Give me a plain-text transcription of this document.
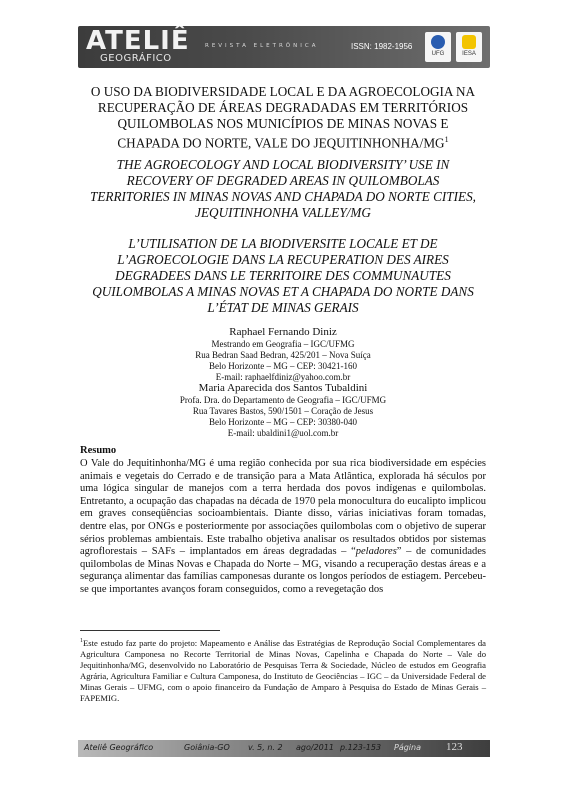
ATELIÊ
GEOGRÁFICO
REVISTA ELETRÔNICA	ISSN: 1982-1956
UFG	IESA
O USO DA BIODIVERSIDADE LOCAL E DA AGROECOLOGIA NA RECUPERAÇÃO DE ÁREAS DEGRADADAS EM TERRITÓRIOS QUILOMBOLAS NOS MUNICÍPIOS DE MINAS NOVAS E CHAPADA DO NORTE, VALE DO JEQUITINHONHA/$MG^1$
THE AGROECOLOGY AND LOCAL BIODIVERSITY’ USE IN RECOVERY OF DEGRADED AREAS IN QUILOMBOLAS TERRITORIES IN MINAS NOVAS AND CHAPADA DO NORTE CITIES, JEQUITINHONHA VALLEY/MG
L’UTILISATION DE LA BIODIVERSITE LOCALE ET DE L’AGROECOLOGIE DANS LA RECUPERATION DES AIRES DEGRADEES DANS LE TERRITOIRE DES COMMUNAUTES QUILOMBOLAS A MINAS NOVAS ET A CHAPADA DO NORTE DANS L’ÉTAT DE MINAS GERAIS
Raphael Fernando Diniz
Mestrando em Geografia – IGC/UFMG
Rua Bedran Saad Bedran, 425/201 – Nova Suíça
Belo Horizonte – MG – CEP: 30421-160
E-mail: raphaelfdiniz@yahoo.com.br
Maria Aparecida dos Santos Tubaldini
Profa. Dra. do Departamento de Geografia – IGC/UFMG
Rua Tavares Bastos, 590/1501 – Coração de Jesus
Belo Horizonte – MG – CEP: 30380-040
E-mail: ubaldini1@uol.com.br
Resumo
O Vale do Jequitinhonha/MG é uma região conhecida por sua rica biodiversidade em espécies animais e vegetais do Cerrado e de transição para a Mata Atlântica, explorada há séculos por uma lógica singular de manejos com a terra herdada dos povos indígenas e quilombolas. Entretanto, a ocupação das chapadas na década de 1970 pela monocultura do eucalipto implicou em graves conseqüências socioambientais. Diante disso, várias iniciativas foram tomadas, dentre elas, por ONGs e posteriormente por associações quilombolas com o objetivo de superar sérios problemas ambientais. Este trabalho objetiva analisar os resultados obtidos por sistemas agroflorestais – SAFs – implantados em áreas degradadas – “peladores” – de comunidades quilombolas de Minas Novas e Chapada do Norte – MG, visando a recuperação destas áreas e a segurança alimentar das famílias camponesas durante os longos períodos de estiagem. Percebeu-se que importantes avanços foram conseguidos, como a revegetação dos
$^1$Este estudo faz parte do projeto: Mapeamento e Análise das Estratégias de Reprodução Social Complementares da Agricultura Camponesa no Recorte Territorial de Minas Novas, Capelinha e Chapada do Norte – Vale do Jequitinhonha/MG, desenvolvido no Laboratório de Pesquisas Terra & Sociedade, Núcleo de estudos em Geografia Agrária, Agricultura Familiar e Cultura Camponesa, do Instituto de Geociências – IGC – da Universidade Federal de Minas Gerais – UFMG, com o apoio financeiro da Fundação de Amparo à Pesquisa do Estado de Minas Gerais – FAPEMIG.
Ateliê Geográfico	Goiânia-GO v. 5, n. 2 ago/2011 p.123-153 Página 123
